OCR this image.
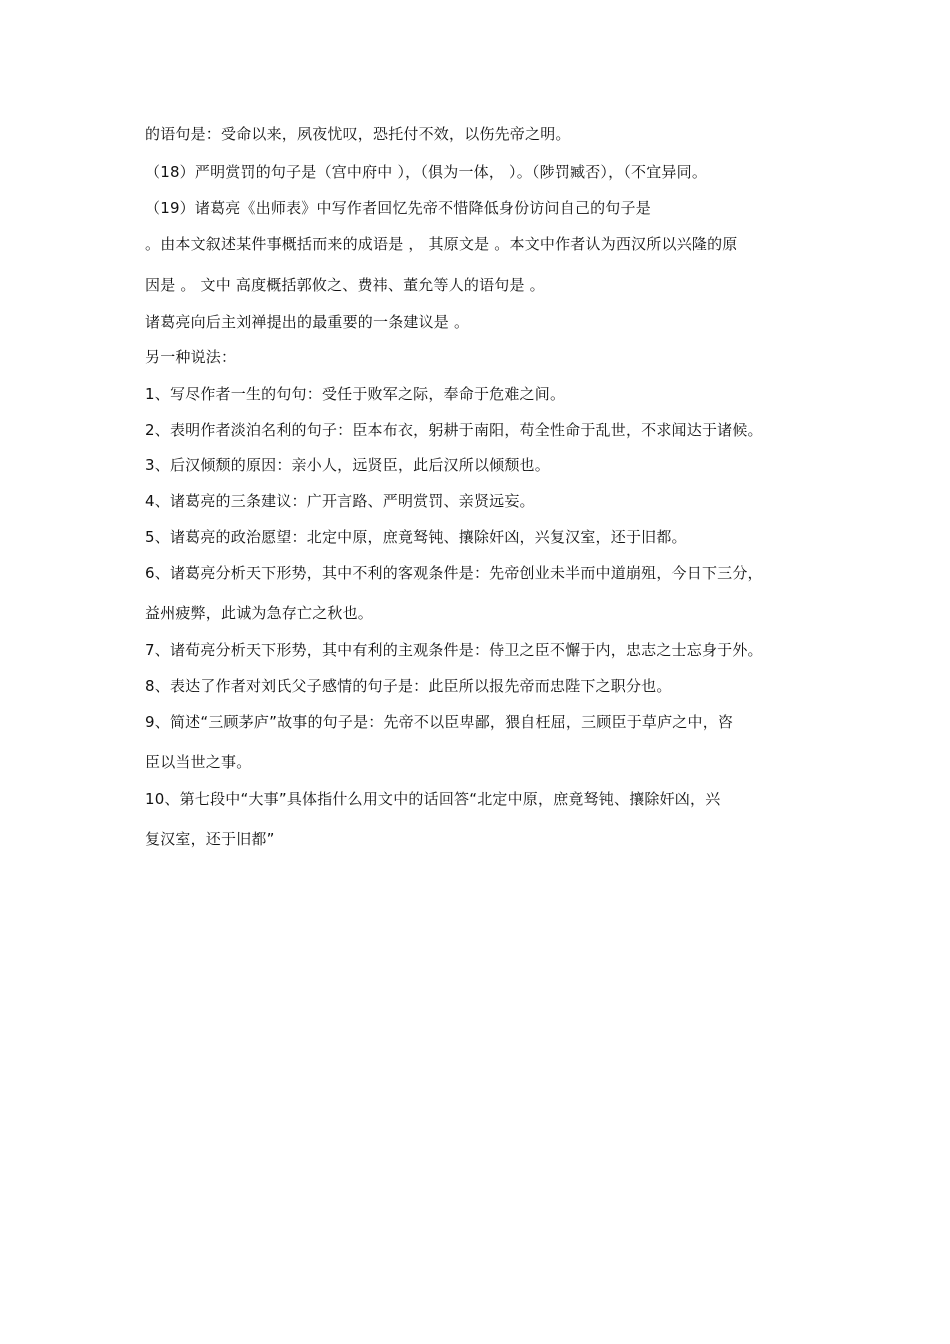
的语句是：受命以来，夙夜忧叹，恐托付不效，以伤先帝之明。
（18）严明赏罚的句子是（宫中府中 ），（俱为一体， ）。（陟罚臧否），（不宜异同。
（19）诸葛亮《出师表》中写作者回忆先帝不惜降低身份访问自己的句子是
。由本文叙述某件事概括而来的成语是 ， 其原文是 。本文中作者认为西汉所以兴隆的原
因是 。 文中 高度概括郭攸之、费祎、董允等人的语句是 。
诸葛亮向后主刘禅提出的最重要的一条建议是 。
另一种说法：
1、写尽作者一生的句句：受任于败军之际，奉命于危难之间。
2、表明作者淡泊名利的句子：臣本布衣，躬耕于南阳，苟全性命于乱世，不求闻达于诸候。
3、后汉倾颓的原因：亲小人，远贤臣，此后汉所以倾颓也。
4、诸葛亮的三条建议：广开言路、严明赏罚、亲贤远妄。
5、诸葛亮的政治愿望：北定中原，庶竟驽钝、攘除奸凶，兴复汉室，还于旧都。
6、诸葛亮分析天下形势，其中不利的客观条件是：先帝创业未半而中道崩殂，今日下三分，
益州疲弊，此诚为急存亡之秋也。
7、诸荀亮分析天下形势，其中有利的主观条件是：侍卫之臣不懈于内，忠志之士忘身于外。
8、表达了作者对刘氏父子感情的句子是：此臣所以报先帝而忠陛下之职分也。
9、简述“三顾茅庐”故事的句子是：先帝不以臣卑鄙，猥自枉屈，三顾臣于草庐之中，咨
臣以当世之事。
10、第七段中“大事”具体指什么用文中的话回答“北定中原，庶竟驽钝、攘除奸凶，兴
复汉室，还于旧都”
